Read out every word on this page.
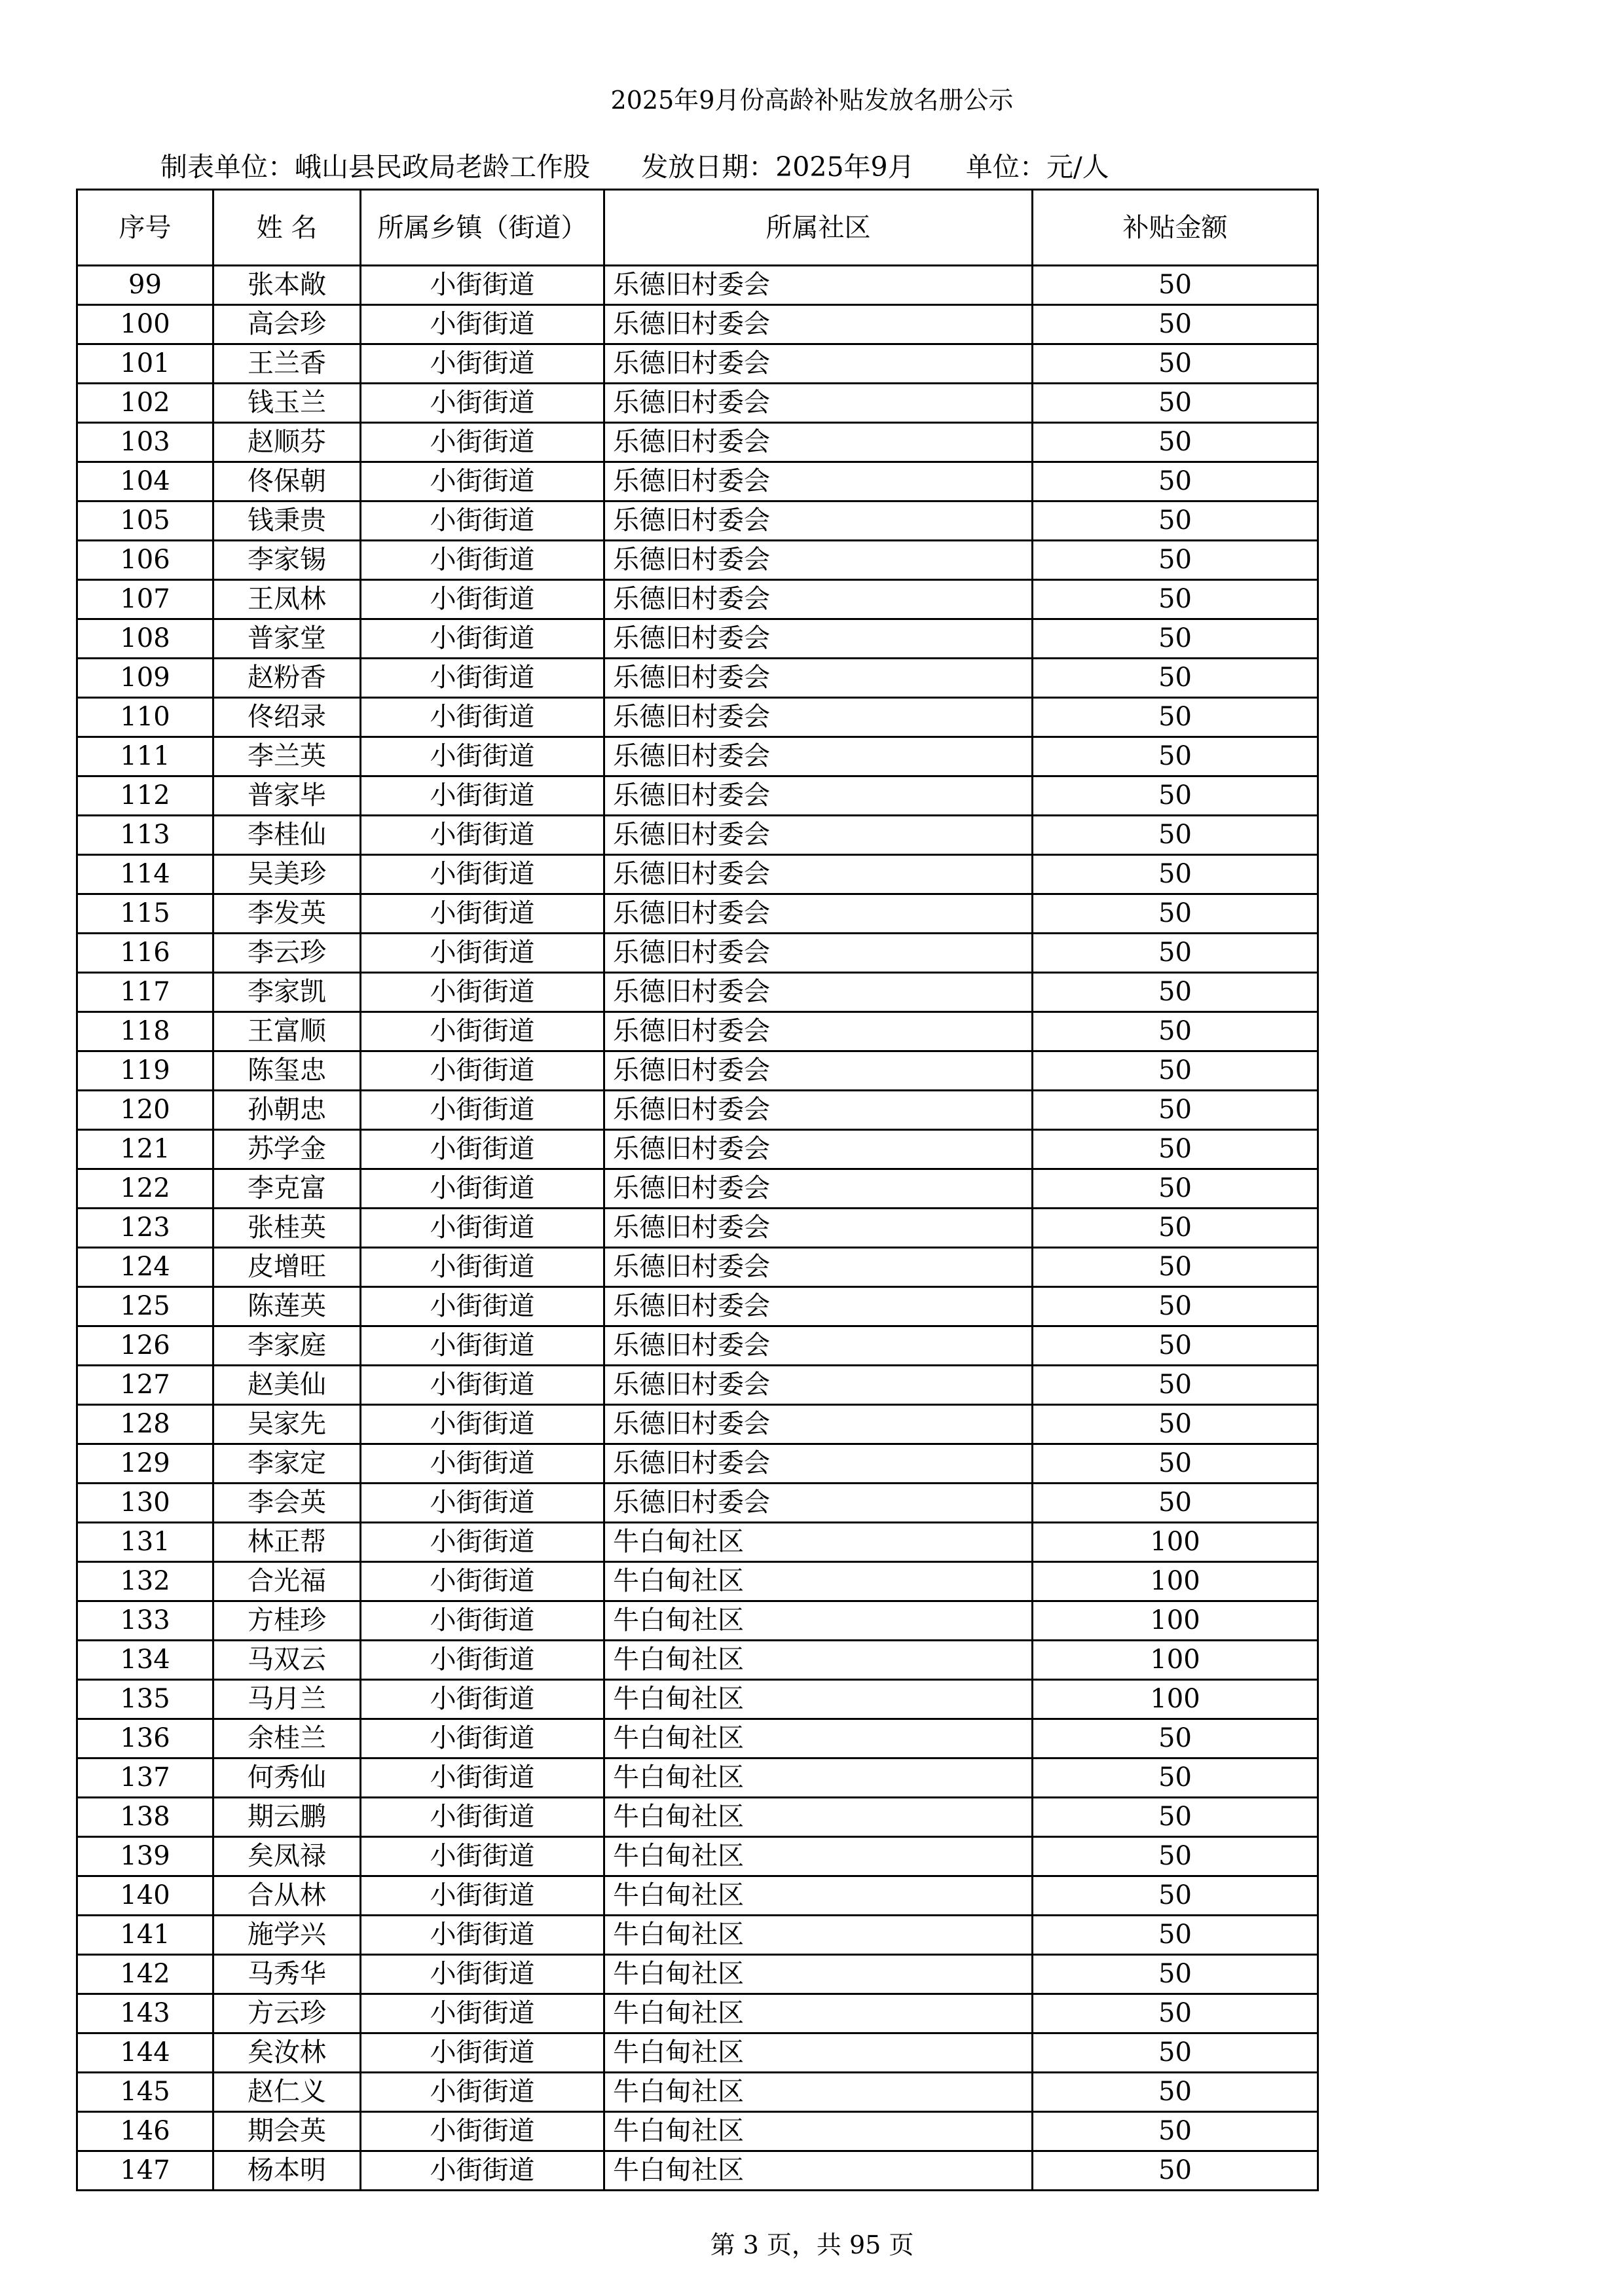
2025年9月份高龄补贴发放名册公示
制表单位：峨山县民政局老龄工作股 发放日期：2025年9月 单位：元/人
序号	姓 名	所属乡镇（街道）	所属社区	补贴金额
99	张本敞	小街街道	乐德旧村委会	50
100	高会珍	小街街道	乐德旧村委会	50
101	王兰香	小街街道	乐德旧村委会	50
102	钱玉兰	小街街道	乐德旧村委会	50
103	赵顺芬	小街街道	乐德旧村委会	50
104	佟保朝	小街街道	乐德旧村委会	50
105	钱秉贵	小街街道	乐德旧村委会	50
106	李家锡	小街街道	乐德旧村委会	50
107	王凤林	小街街道	乐德旧村委会	50
108	普家堂	小街街道	乐德旧村委会	50
109	赵粉香	小街街道	乐德旧村委会	50
110	佟绍录	小街街道	乐德旧村委会	50
111	李兰英	小街街道	乐德旧村委会	50
112	普家毕	小街街道	乐德旧村委会	50
113	李桂仙	小街街道	乐德旧村委会	50
114	吴美珍	小街街道	乐德旧村委会	50
115	李发英	小街街道	乐德旧村委会	50
116	李云珍	小街街道	乐德旧村委会	50
117	李家凯	小街街道	乐德旧村委会	50
118	王富顺	小街街道	乐德旧村委会	50
119	陈玺忠	小街街道	乐德旧村委会	50
120	孙朝忠	小街街道	乐德旧村委会	50
121	苏学金	小街街道	乐德旧村委会	50
122	李克富	小街街道	乐德旧村委会	50
123	张桂英	小街街道	乐德旧村委会	50
124	皮增旺	小街街道	乐德旧村委会	50
125	陈莲英	小街街道	乐德旧村委会	50
126	李家庭	小街街道	乐德旧村委会	50
127	赵美仙	小街街道	乐德旧村委会	50
128	吴家先	小街街道	乐德旧村委会	50
129	李家定	小街街道	乐德旧村委会	50
130	李会英	小街街道	乐德旧村委会	50
131	林正帮	小街街道	牛白甸社区	100
132	合光福	小街街道	牛白甸社区	100
133	方桂珍	小街街道	牛白甸社区	100
134	马双云	小街街道	牛白甸社区	100
135	马月兰	小街街道	牛白甸社区	100
136	余桂兰	小街街道	牛白甸社区	50
137	何秀仙	小街街道	牛白甸社区	50
138	期云鹏	小街街道	牛白甸社区	50
139	矣凤禄	小街街道	牛白甸社区	50
140	合从林	小街街道	牛白甸社区	50
141	施学兴	小街街道	牛白甸社区	50
142	马秀华	小街街道	牛白甸社区	50
143	方云珍	小街街道	牛白甸社区	50
144	矣汝林	小街街道	牛白甸社区	50
145	赵仁义	小街街道	牛白甸社区	50
146	期会英	小街街道	牛白甸社区	50
147	杨本明	小街街道	牛白甸社区	50
第 3 页，共 95 页
